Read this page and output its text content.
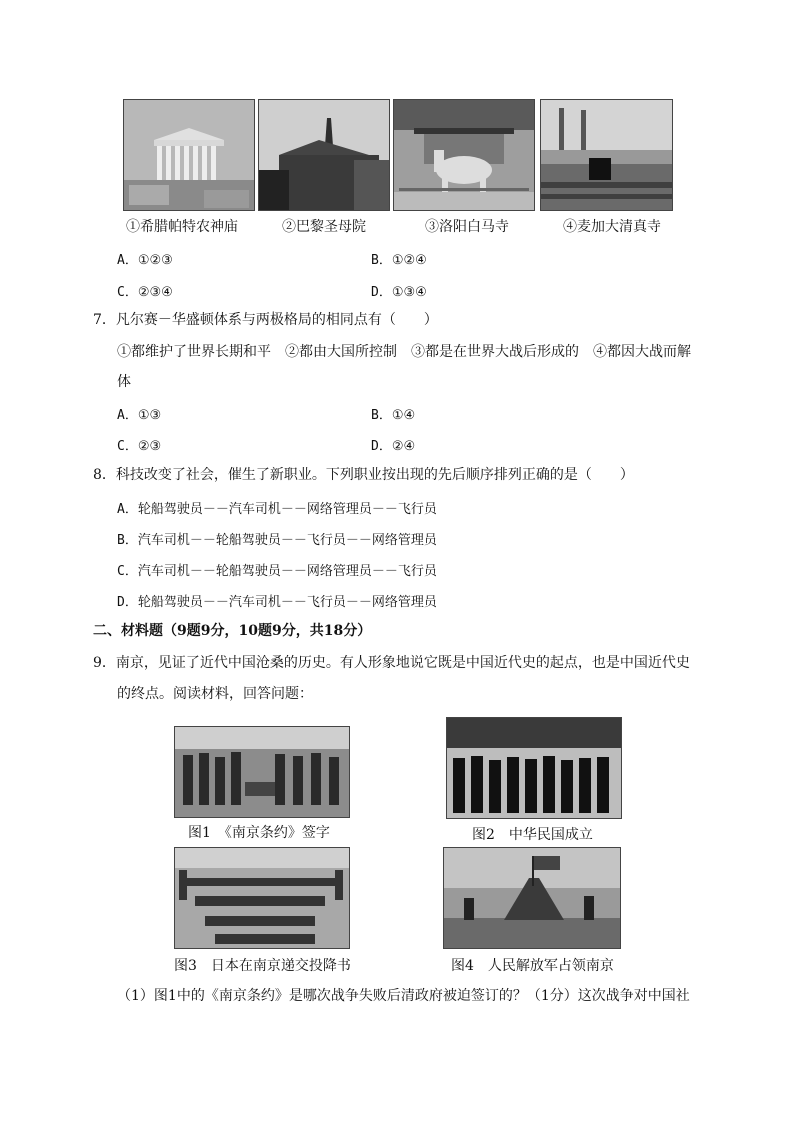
①希腊帕特农神庙	②巴黎圣母院	③洛阳白马寺	④麦加大清真寺
A．①②③	B．①②④
C．②③④	D．①③④
7．凡尔赛－华盛顿体系与两极格局的相同点有（　　）
①都维护了世界长期和平　②都由大国所控制　③都是在世界大战后形成的　④都因大战而解
体
A．①③	B．①④
C．②③	D．②④
8．科技改变了社会，催生了新职业。下列职业按出现的先后顺序排列正确的是（　　）
A．轮船驾驶员－－汽车司机－－网络管理员－－飞行员
B．汽车司机－－轮船驾驶员－－飞行员－－网络管理员
C．汽车司机－－轮船驾驶员－－网络管理员－－飞行员
D．轮船驾驶员－－汽车司机－－飞行员－－网络管理员
二、材料题（9题9分，10题9分，共18分）
9．南京，见证了近代中国沧桑的历史。有人形象地说它既是中国近代史的起点，也是中国近代史
的终点。阅读材料，回答问题：
图1　《南京条约》签字	图2　中华民国成立
图3　日本在南京递交投降书	图4　人民解放军占领南京
（1）图1中的《南京条约》是哪次战争失败后清政府被迫签订的？（1分）这次战争对中国社
